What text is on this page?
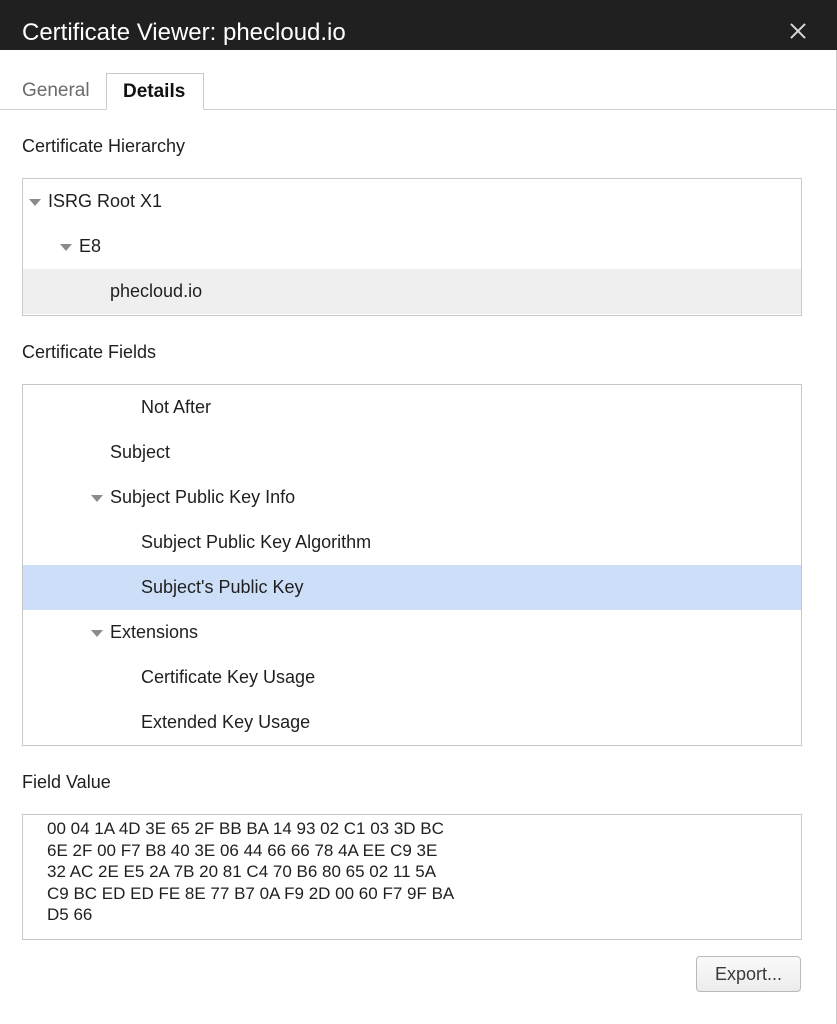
Certificate Viewer: phecloud.io
General	Details
Certificate Hierarchy
ISRG Root X1
E8
phecloud.io
Certificate Fields
Not After
Subject
Subject Public Key Info
Subject Public Key Algorithm
Subject's Public Key
Extensions
Certificate Key Usage
Extended Key Usage
Field Value
00 04 1A 4D 3E 65 2F BB BA 14 93 02 C1 03 3D BC
6E 2F 00 F7 B8 40 3E 06 44 66 66 78 4A EE C9 3E
32 AC 2E E5 2A 7B 20 81 C4 70 B6 80 65 02 11 5A
C9 BC ED ED FE 8E 77 B7 0A F9 2D 00 60 F7 9F BA
D5 66
Export...
